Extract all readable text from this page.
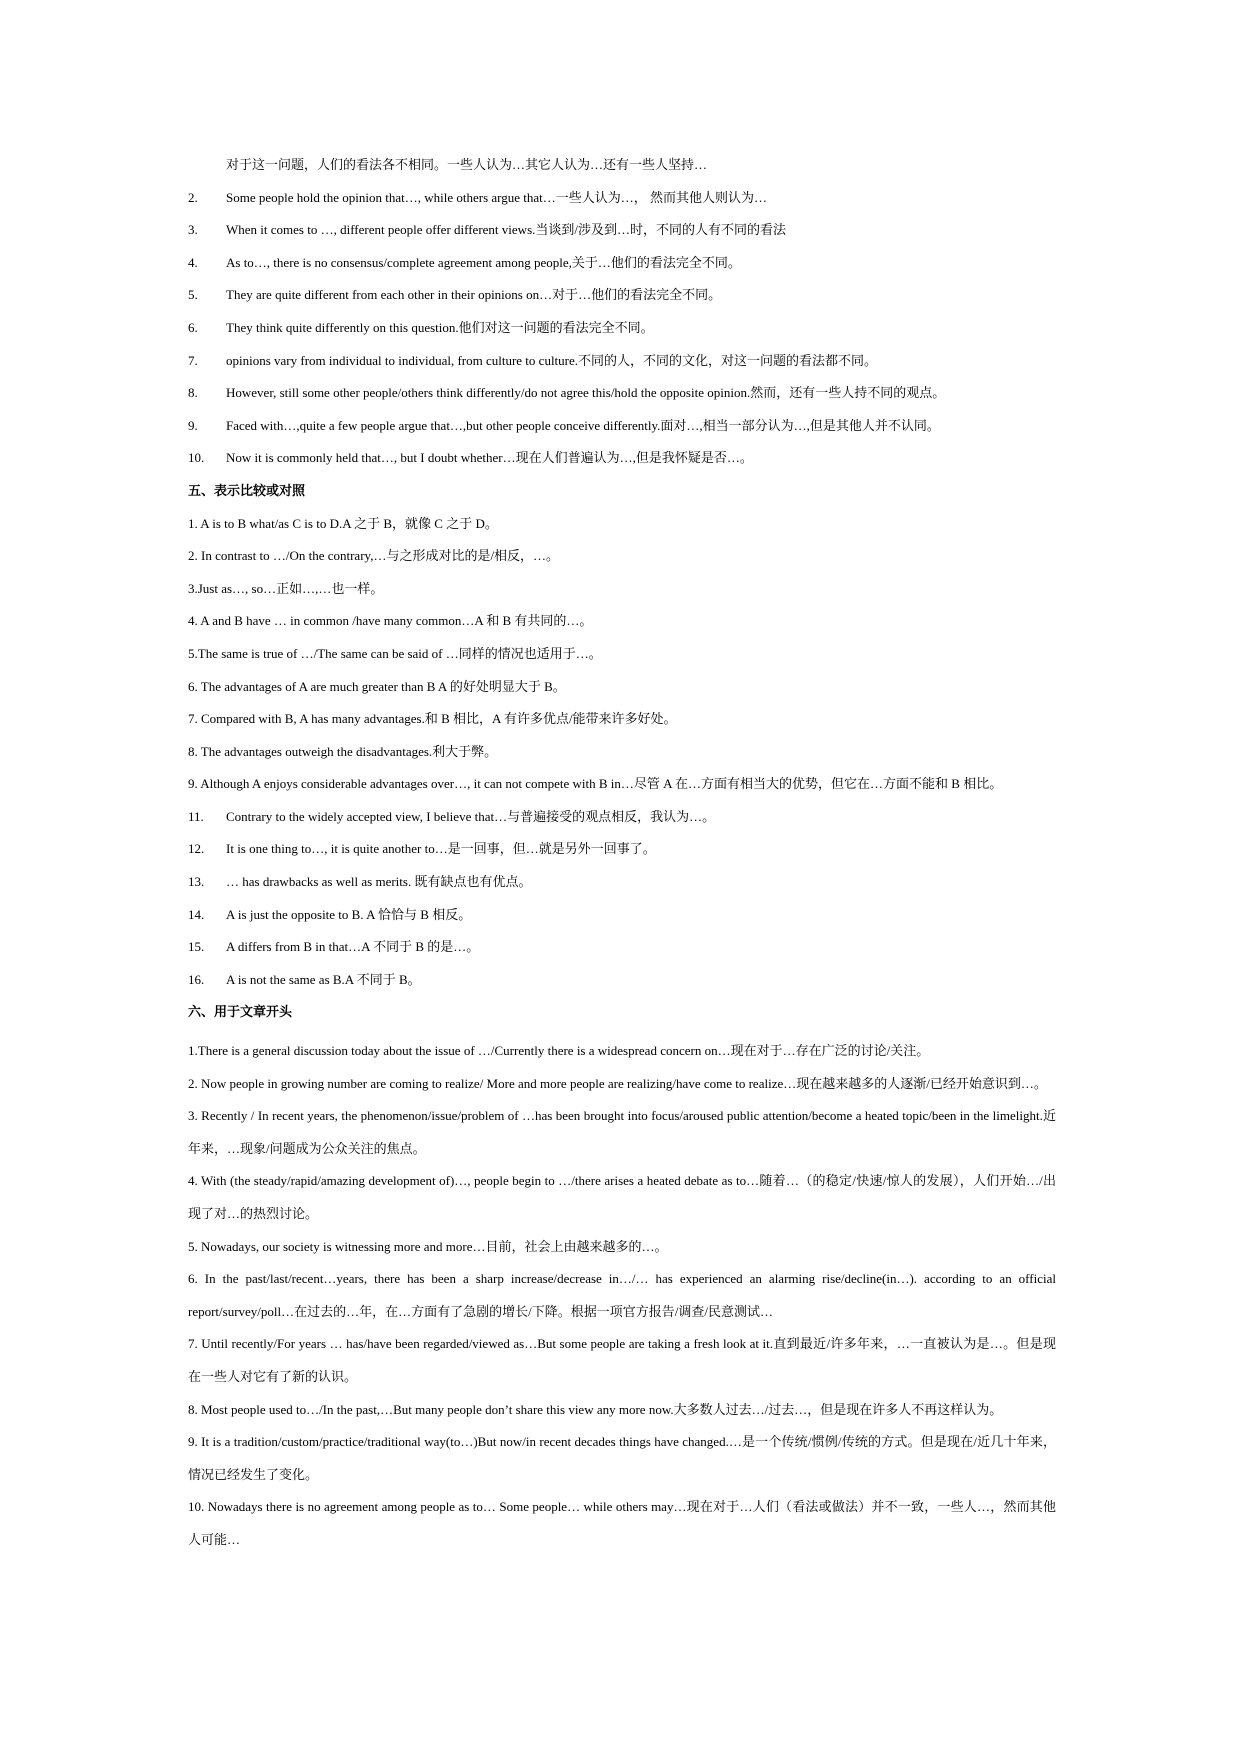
对于这一问题，人们的看法各不相同。一些人认为…其它人认为…还有一些人坚持…
2. Some people hold the opinion that…, while others argue that…一些人认为…， 然而其他人则认为…
3. When it comes to …, different people offer different views.当谈到/涉及到…时，不同的人有不同的看法
4. As to…, there is no consensus/complete agreement among people,关于…他们的看法完全不同。
5. They are quite different from each other in their opinions on…对于…他们的看法完全不同。
6. They think quite differently on this question.他们对这一问题的看法完全不同。
7. opinions vary from individual to individual, from culture to culture.不同的人，不同的文化，对这一问题的看法都不同。
8. However, still some other people/others think differently/do not agree this/hold the opposite opinion.然而，还有一些人持不同的观点。
9. Faced with…,quite a few people argue that…,but other people conceive differently.面对…,相当一部分认为…,但是其他人并不认同。
10. Now it is commonly held that…, but I doubt whether…现在人们普遍认为…,但是我怀疑是否…。
五、表示比较或对照
1. A is to B what/as C is to D.A 之于 B，就像 C 之于 D。
2. In contrast to …/On the contrary,…与之形成对比的是/相反，…。
3.Just as…, so…正如…,…也一样。
4. A and B have … in common /have many common…A 和 B 有共同的…。
5.The same is true of …/The same can be said of …同样的情况也适用于…。
6. The advantages of A are much greater than B A 的好处明显大于 B。
7. Compared with B, A has many advantages.和 B 相比，A 有许多优点/能带来许多好处。
8. The advantages outweigh the disadvantages.利大于弊。
9. Although A enjoys considerable advantages over…, it can not compete with B in…尽管 A 在…方面有相当大的优势，但它在…方面不能和 B 相比。
11. Contrary to the widely accepted view, I believe that…与普遍接受的观点相反，我认为…。
12. It is one thing to…, it is quite another to…是一回事，但…就是另外一回事了。
13. … has drawbacks as well as merits. 既有缺点也有优点。
14. A is just the opposite to B. A 恰恰与 B 相反。
15. A differs from B in that…A 不同于 B 的是…。
16. A is not the same as B.A 不同于 B。
六、用于文章开头
1.There is a general discussion today about the issue of …/Currently there is a widespread concern on…现在对于…存在广泛的讨论/关注。
2. Now people in growing number are coming to realize/ More and more people are realizing/have come to realize…现在越来越多的人逐渐/已经开始意识到…。
3. Recently / In recent years, the phenomenon/issue/problem of …has been brought into focus/aroused public attention/become a heated topic/been in the limelight.近年来，…现象/问题成为公众关注的焦点。
4. With (the steady/rapid/amazing development of)…, people begin to …/there arises a heated debate as to…随着…（的稳定/快速/惊人的发展），人们开始…/出现了对…的热烈讨论。
5. Nowadays, our society is witnessing more and more…目前，社会上由越来越多的…。
6. In the past/last/recent…years, there has been a sharp increase/decrease in…/… has experienced an alarming rise/decline(in…). according to an official report/survey/poll…在过去的…年，在…方面有了急剧的增长/下降。根据一项官方报告/调查/民意测试…
7. Until recently/For years … has/have been regarded/viewed as…But some people are taking a fresh look at it.直到最近/许多年来，…一直被认为是…。但是现在一些人对它有了新的认识。
8. Most people used to…/In the past,…But many people don’t share this view any more now.大多数人过去…/过去…，但是现在许多人不再这样认为。
9. It is a tradition/custom/practice/traditional way(to…)But now/in recent decades things have changed.…是一个传统/惯例/传统的方式。但是现在/近几十年来，情况已经发生了变化。
10. Nowadays there is no agreement among people as to… Some people… while others may…现在对于…人们（看法或做法）并不一致，一些人…，然而其他人可能…
